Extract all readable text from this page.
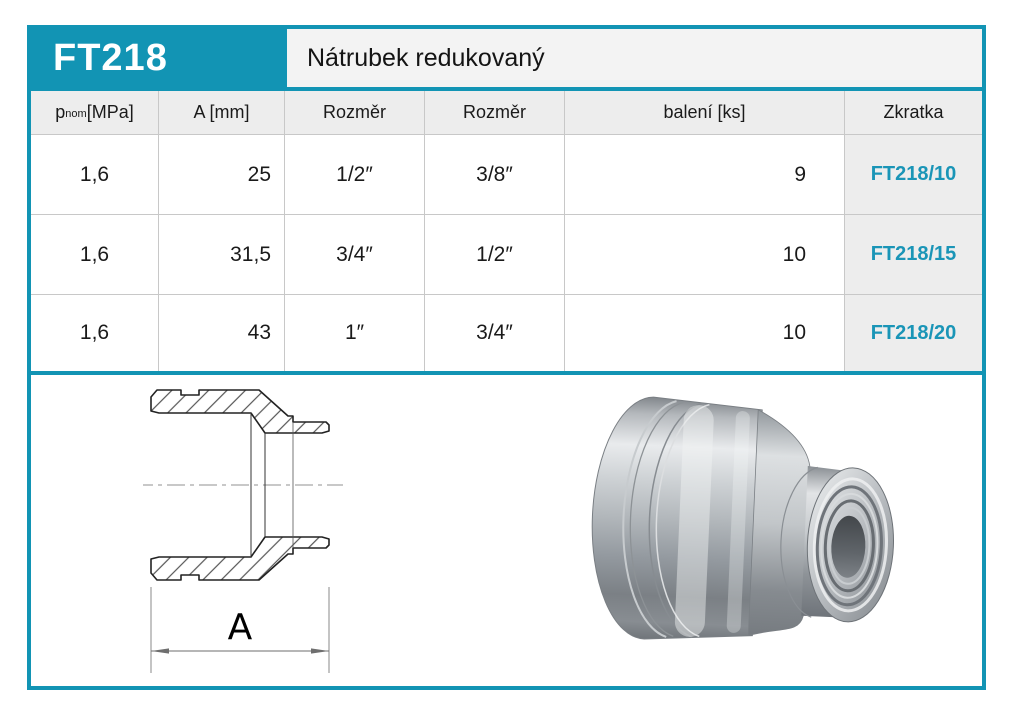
FT218	Nátrubek redukovaný
p nom [MPa]	A [mm]	Rozměr	Rozměr	balení [ks]	Zkratka
1,6	25	1/2″	3/8″	9	FT218/10
1,6	31,5	3/4″	1/2″	10	FT218/15
1,6	43	1″	3/4″	10	FT218/20
A
